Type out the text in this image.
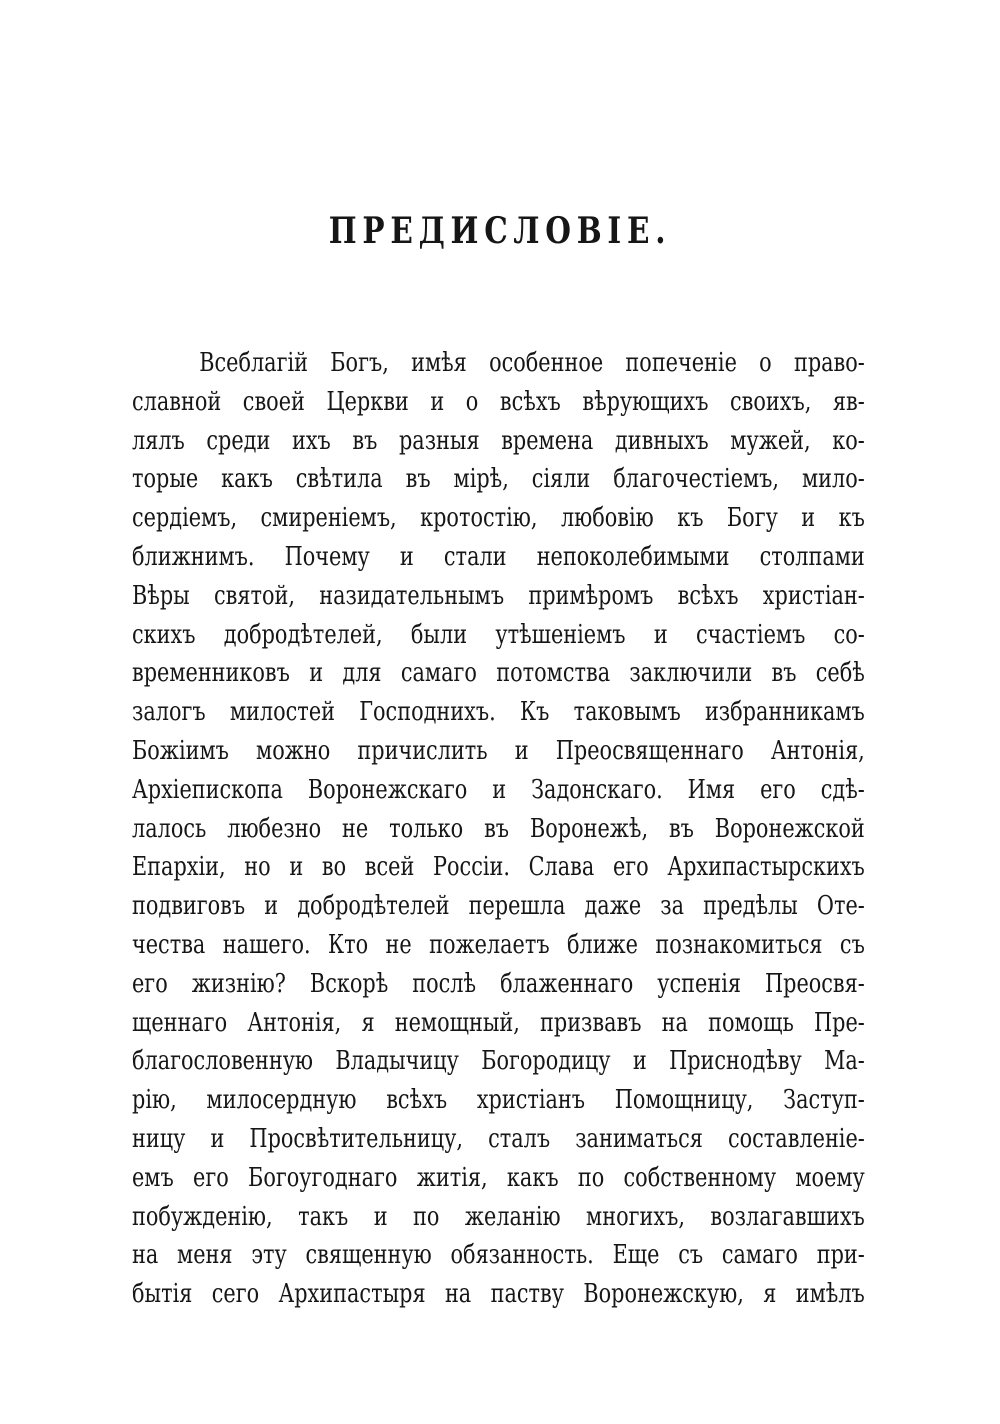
ПРЕДИСЛОВІЕ.
Всеблагій Богъ, имѣя особенное попеченіе о право-
славной своей Церкви и о всѣхъ вѣрующихъ своихъ, яв-
лялъ среди ихъ въ разныя времена дивныхъ мужей, ко-
торые какъ свѣтила въ мірѣ, сіяли благочестіемъ, мило-
сердіемъ, смиреніемъ, кротостію, любовію къ Богу и къ
ближнимъ. Почему и стали непоколебимыми столпами
Вѣры святой, назидательнымъ примѣромъ всѣхъ христіан-
скихъ добродѣтелей, были утѣшеніемъ и счастіемъ со-
временниковъ и для самаго потомства заключили въ себѣ
залогъ милостей Господнихъ. Къ таковымъ избранникамъ
Божіимъ можно причислить и Преосвященнаго Антонія,
Архіепископа Воронежскаго и Задонскаго. Имя его сдѣ-
лалось любезно не только въ Воронежѣ, въ Воронежской
Епархіи, но и во всей Россіи. Слава его Архипастырскихъ
подвиговъ и добродѣтелей перешла даже за предѣлы Оте-
чества нашего. Кто не пожелаетъ ближе познакомиться съ
его жизнію? Вскорѣ послѣ блаженнаго успенія Преосвя-
щеннаго Антонія, я немощный, призвавъ на помощь Пре-
благословенную Владычицу Богородицу и Приснодѣву Ма-
рію, милосердную всѣхъ христіанъ Помощницу, Заступ-
ницу и Просвѣтительницу, сталъ заниматься составленіе-
емъ его Богоугоднаго житія, какъ по собственному моему
побужденію, такъ и по желанію многихъ, возлагавшихъ
на меня эту священную обязанность. Еще съ самаго при-
бытія сего Архипастыря на паству Воронежскую, я имѣлъ
